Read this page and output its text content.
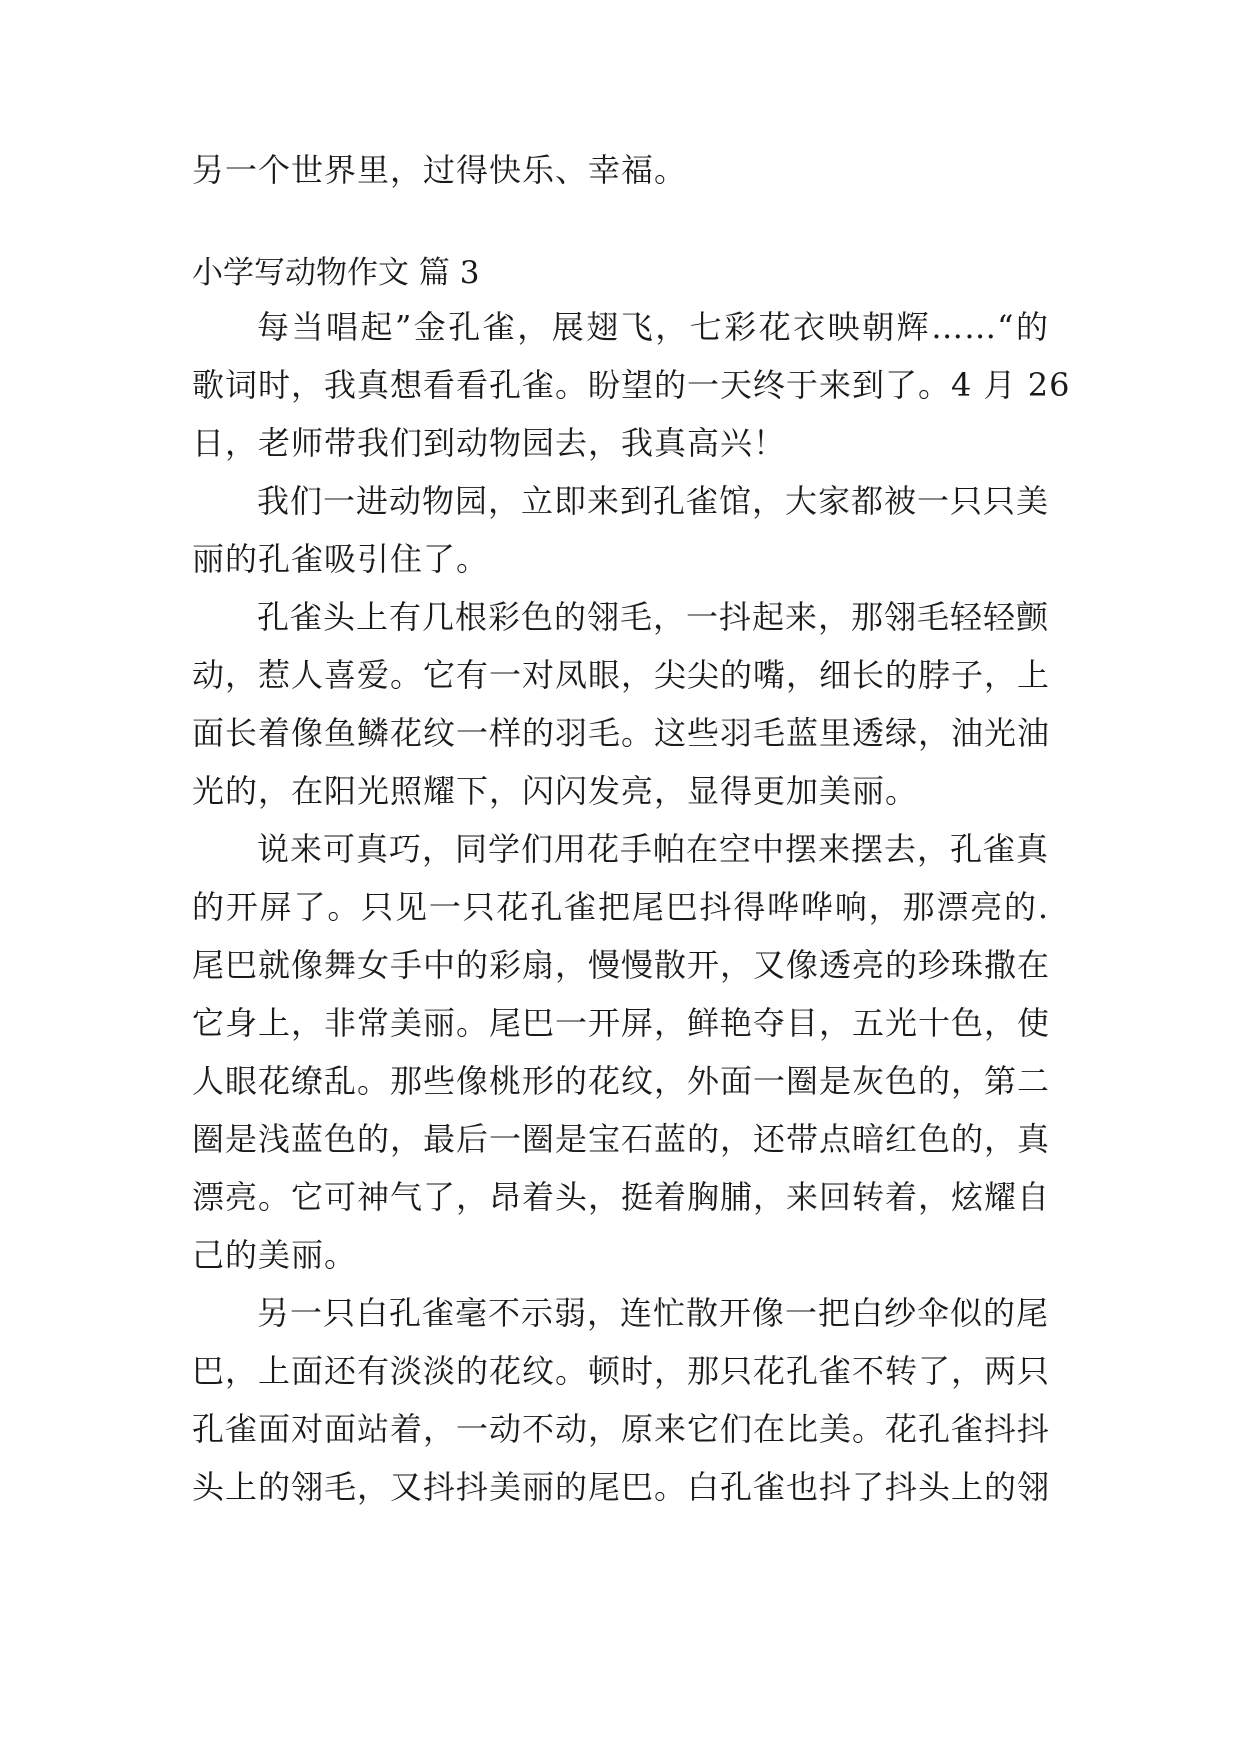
另一个世界里，过得快乐、幸福。
小学写动物作文 篇 3
每当唱起”金孔雀，展翅飞，七彩花衣映朝辉……“的
歌词时，我真想看看孔雀。盼望的一天终于来到了。4 月 26
日，老师带我们到动物园去，我真高兴！
我们一进动物园，立即来到孔雀馆，大家都被一只只美
丽的孔雀吸引住了。
孔雀头上有几根彩色的翎毛，一抖起来，那翎毛轻轻颤
动，惹人喜爱。它有一对凤眼，尖尖的嘴，细长的脖子，上
面长着像鱼鳞花纹一样的羽毛。这些羽毛蓝里透绿，油光油
光的，在阳光照耀下，闪闪发亮，显得更加美丽。
说来可真巧，同学们用花手帕在空中摆来摆去，孔雀真
的开屏了。只见一只花孔雀把尾巴抖得哗哗响，那漂亮的.
尾巴就像舞女手中的彩扇，慢慢散开，又像透亮的珍珠撒在
它身上，非常美丽。尾巴一开屏，鲜艳夺目，五光十色，使
人眼花缭乱。那些像桃形的花纹，外面一圈是灰色的，第二
圈是浅蓝色的，最后一圈是宝石蓝的，还带点暗红色的，真
漂亮。它可神气了，昂着头，挺着胸脯，来回转着，炫耀自
己的美丽。
另一只白孔雀毫不示弱，连忙散开像一把白纱伞似的尾
巴，上面还有淡淡的花纹。顿时，那只花孔雀不转了，两只
孔雀面对面站着，一动不动，原来它们在比美。花孔雀抖抖
头上的翎毛，又抖抖美丽的尾巴。白孔雀也抖了抖头上的翎
